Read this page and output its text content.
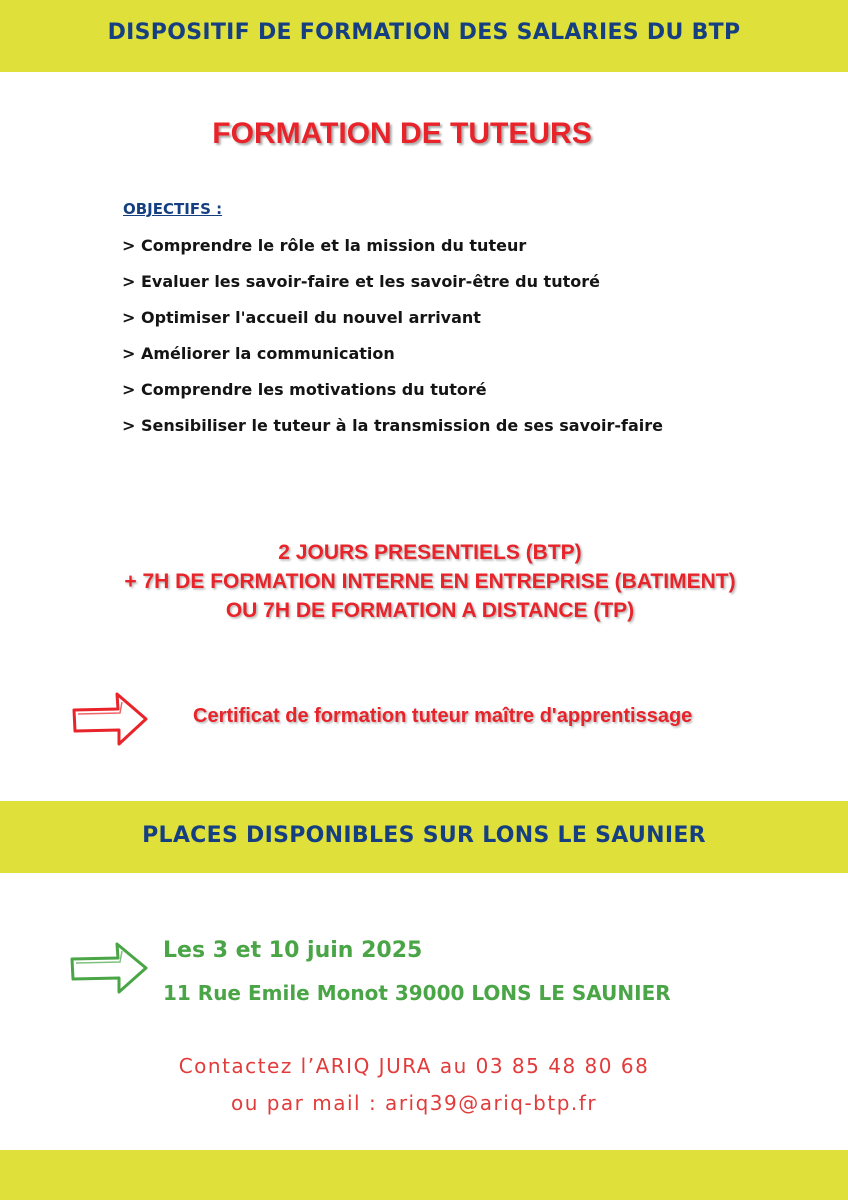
DISPOSITIF DE FORMATION DES SALARIES DU BTP
FORMATION DE TUTEURS
OBJECTIFS :
> Comprendre le rôle et la mission du tuteur
> Evaluer les savoir-faire et les savoir-être du tutoré
> Optimiser l'accueil du nouvel arrivant
> Améliorer la communication
> Comprendre les motivations du tutoré
> Sensibiliser le tuteur à la transmission de ses savoir-faire
2 JOURS PRESENTIELS (BTP)
+ 7H DE FORMATION INTERNE EN ENTREPRISE (BATIMENT)
OU 7H DE FORMATION A DISTANCE (TP)
Certificat de formation tuteur maître d'apprentissage
PLACES DISPONIBLES SUR LONS LE SAUNIER
Les 3 et 10 juin 2025
11 Rue Emile Monot 39000 LONS LE SAUNIER
Contactez l’ARIQ JURA au 03 85 48 80 68
ou par mail : ariq39@ariq-btp.fr
